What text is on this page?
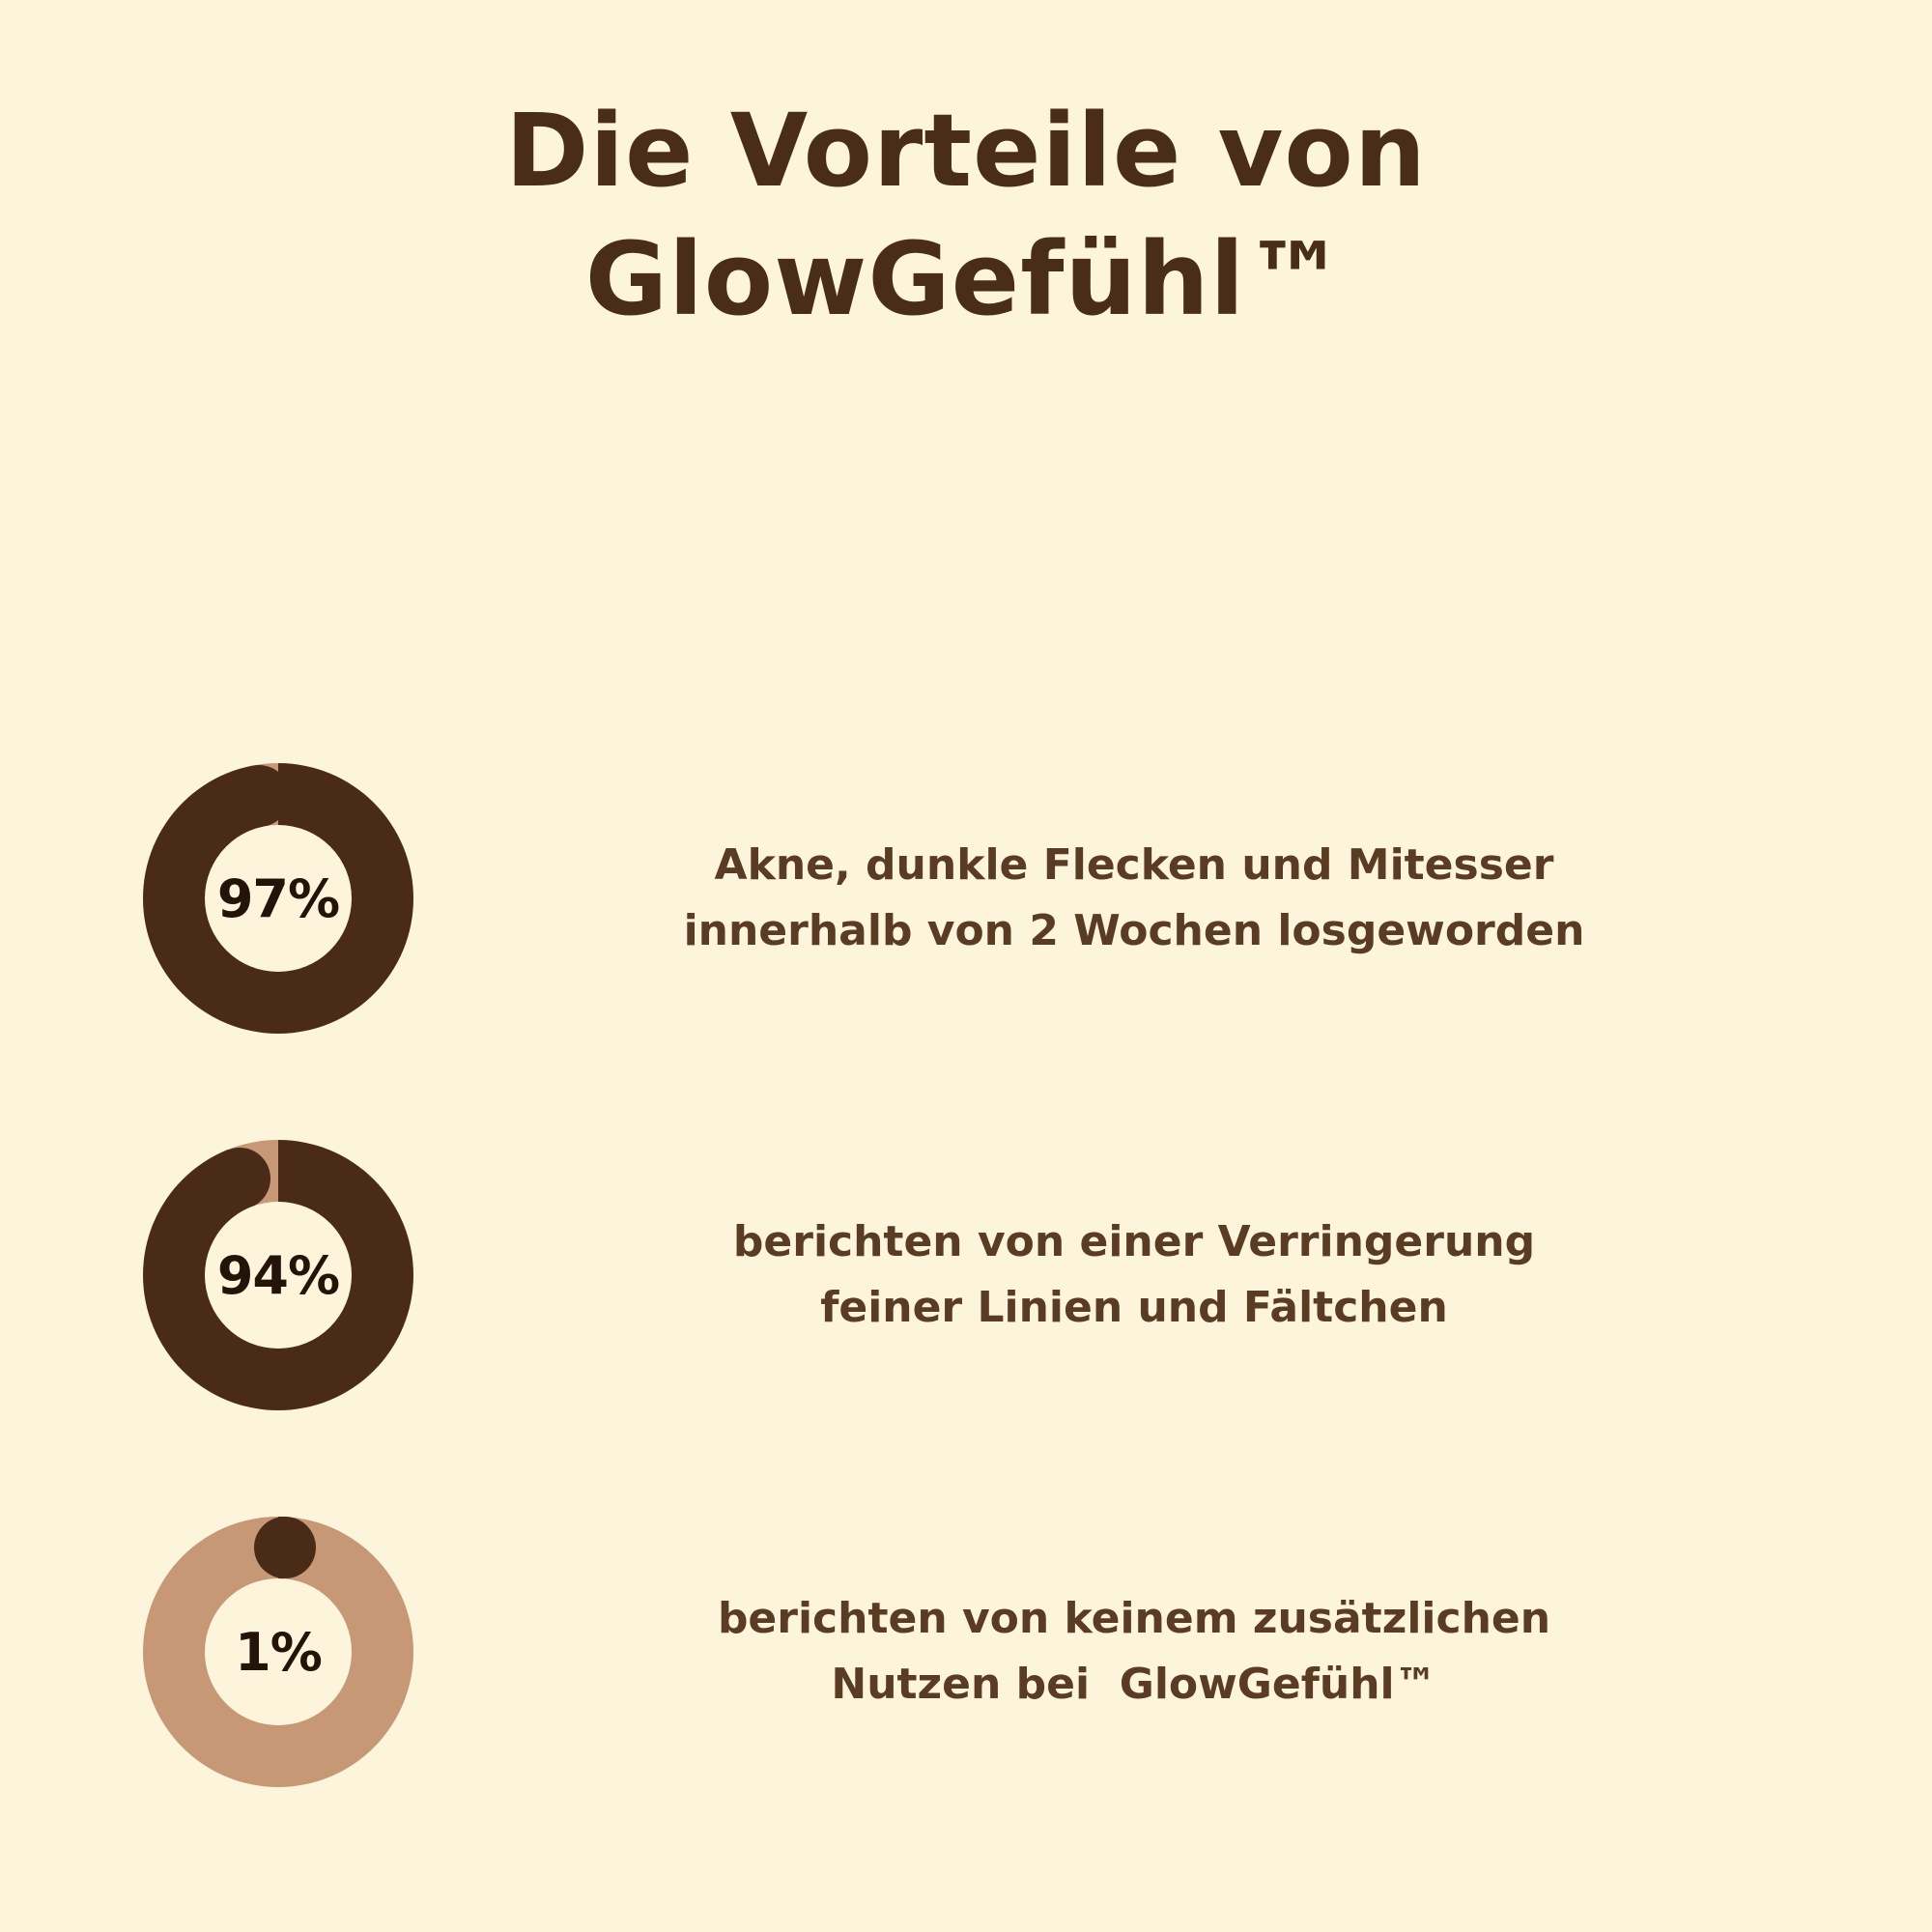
Die Vorteile von
GlowGefühl™
97%
Akne, dunkle Flecken und Mitesser
innerhalb von 2 Wochen losgeworden
94%
berichten von einer Verringerung
feiner Linien und Fältchen
1%
berichten von keinem zusätzlichen
Nutzen bei  GlowGefühl™
